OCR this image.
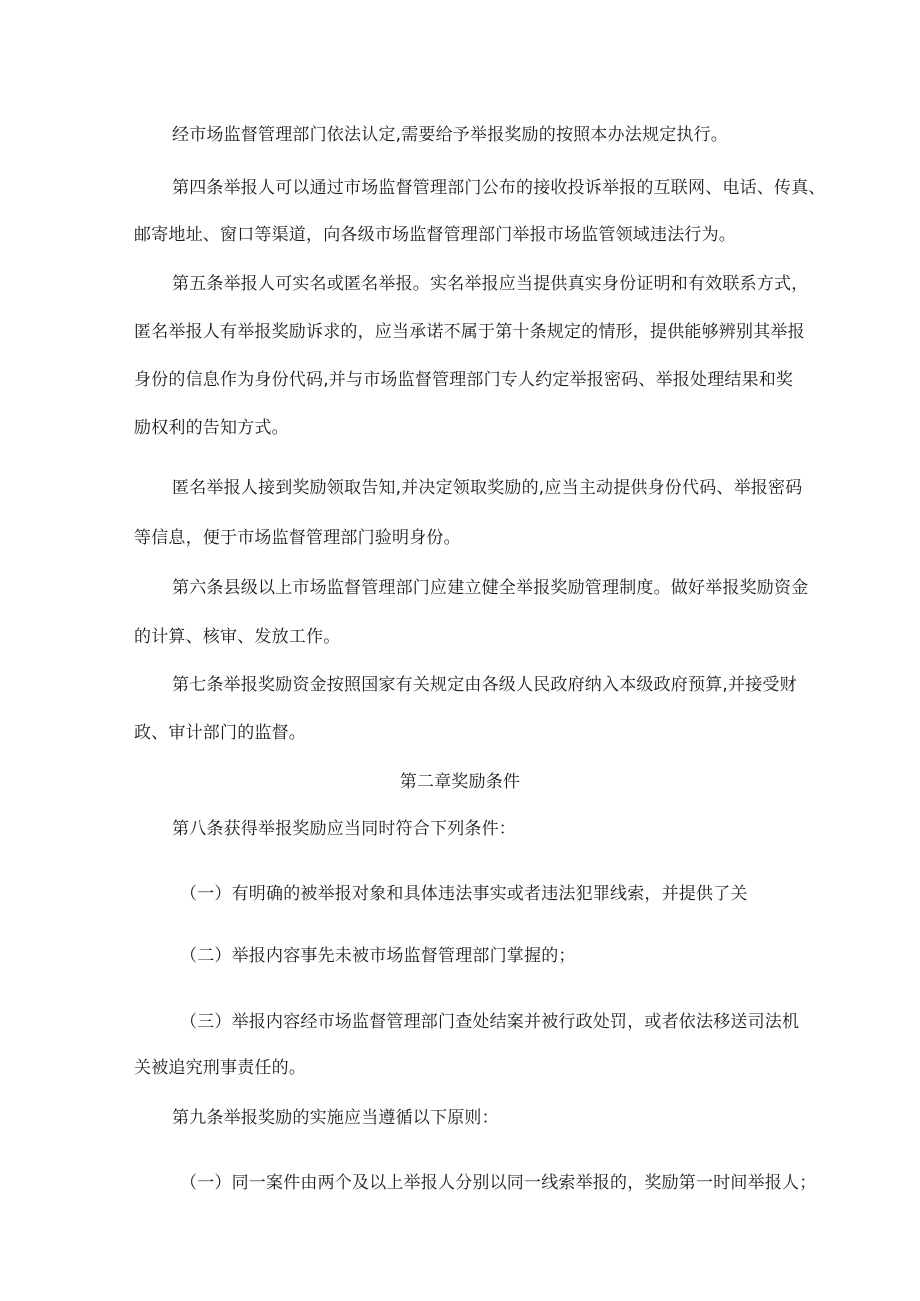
经市场监督管理部门依法认定,需要给予举报奖励的按照本办法规定执行。
第四条举报人可以通过市场监督管理部门公布的接收投诉举报的互联网、电话、传真、
邮寄地址、窗口等渠道，向各级市场监督管理部门举报市场监管领域违法行为。
第五条举报人可实名或匿名举报。实名举报应当提供真实身份证明和有效联系方式，
匿名举报人有举报奖励诉求的，应当承诺不属于第十条规定的情形，提供能够辨别其举报
身份的信息作为身份代码,并与市场监督管理部门专人约定举报密码、举报处理结果和奖
励权利的告知方式。
匿名举报人接到奖励领取告知,并决定领取奖励的,应当主动提供身份代码、举报密码
等信息，便于市场监督管理部门验明身份。
第六条县级以上市场监督管理部门应建立健全举报奖励管理制度。做好举报奖励资金
的计算、核审、发放工作。
第七条举报奖励资金按照国家有关规定由各级人民政府纳入本级政府预算,并接受财
政、审计部门的监督。
第二章奖励条件
第八条获得举报奖励应当同时符合下列条件：
（一）有明确的被举报对象和具体违法事实或者违法犯罪线索，并提供了关
（二）举报内容事先未被市场监督管理部门掌握的；
（三）举报内容经市场监督管理部门查处结案并被行政处罚，或者依法移送司法机
关被追究刑事责任的。
第九条举报奖励的实施应当遵循以下原则：
（一）同一案件由两个及以上举报人分别以同一线索举报的，奖励第一时间举报人；
